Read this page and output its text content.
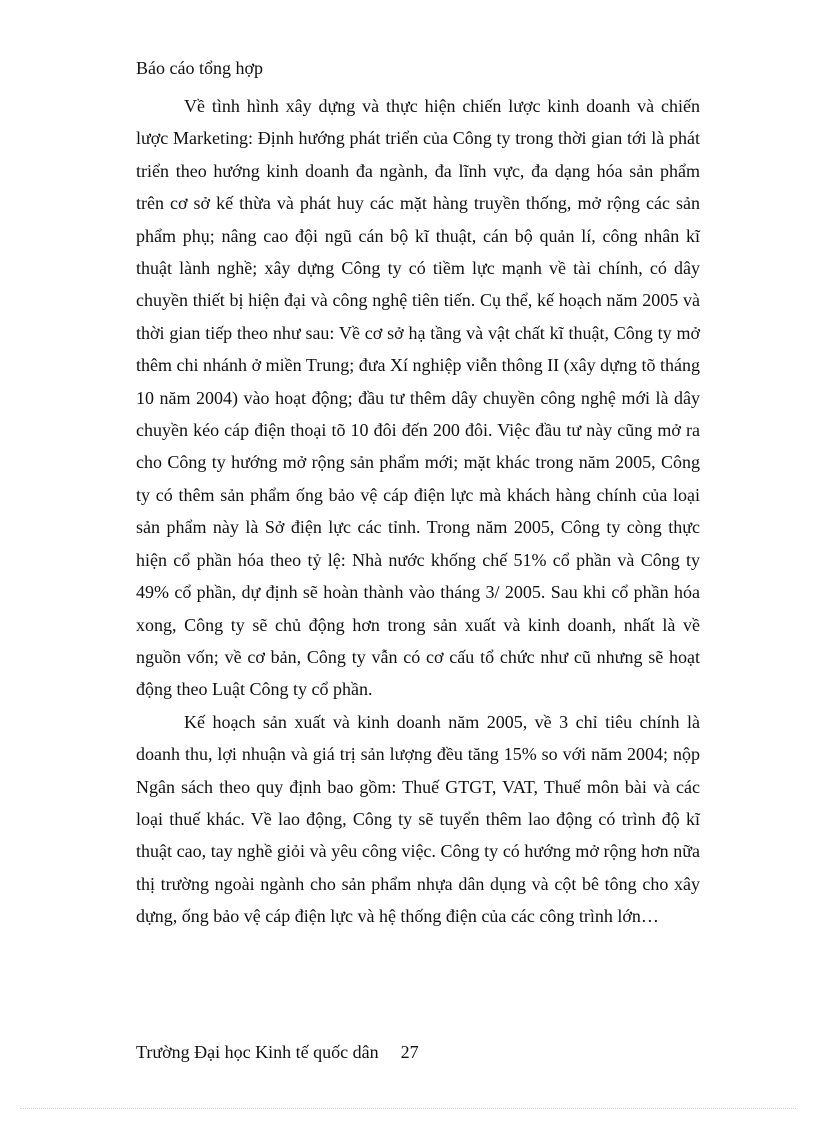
Báo cáo tổng hợp

Về tình hình xây dựng và thực hiện chiến lược kinh doanh và chiến lược Marketing: Định hướng phát triển của Công ty trong thời gian tới là phát triển theo hướng kinh doanh đa ngành, đa lĩnh vực, đa dạng hóa sản phẩm trên cơ sở kế thừa và phát huy các mặt hàng truyền thống, mở rộng các sản phẩm phụ; nâng cao đội ngũ cán bộ kĩ thuật, cán bộ quản lí, công nhân kĩ thuật lành nghề; xây dựng Công ty có tiềm lực mạnh về tài chính, có dây chuyền thiết bị hiện đại và công nghệ tiên tiến. Cụ thể, kế hoạch năm 2005 và thời gian tiếp theo như sau: Về cơ sở hạ tầng và vật chất kĩ thuật, Công ty mở thêm chi nhánh ở miền Trung; đưa Xí nghiệp viễn thông II (xây dựng tõ tháng 10 năm 2004) vào hoạt động; đầu tư thêm dây chuyền công nghệ mới là dây chuyền kéo cáp điện thoại tõ 10 đôi đến 200 đôi. Việc đầu tư này cũng mở ra cho Công ty hướng mở rộng sản phẩm mới; mặt khác trong năm 2005, Công ty có thêm sản phẩm ống bảo vệ cáp điện lực mà khách hàng chính của loại sản phẩm này là Sở điện lực các tỉnh. Trong năm 2005, Công ty còng thực hiện cổ phần hóa theo tỷ lệ: Nhà nước khống chế 51% cổ phần và Công ty 49% cổ phần, dự định sẽ hoàn thành vào tháng 3/ 2005. Sau khi cổ phần hóa xong, Công ty sẽ chủ động hơn trong sản xuất và kinh doanh, nhất là về nguồn vốn; về cơ bản, Công ty vẫn có cơ cấu tổ chức như cũ nhưng sẽ hoạt động theo Luật Công ty cổ phần.

Kế hoạch sản xuất và kinh doanh năm 2005, về 3 chỉ tiêu chính là doanh thu, lợi nhuận và giá trị sản lượng đều tăng 15% so với năm 2004; nộp Ngân sách theo quy định bao gồm: Thuế GTGT, VAT, Thuế môn bài và các loại thuế khác. Về lao động, Công ty sẽ tuyển thêm lao động có trình độ kĩ thuật cao, tay nghề giỏi và yêu công việc. Công ty có hướng mở rộng hơn nữa thị trường ngoài ngành cho sản phẩm nhựa dân dụng và cột bê tông cho xây dựng, ống bảo vệ cáp điện lực và hệ thống điện của các công trình lớn…

Trường Đại học Kinh tế quốc dân 27
